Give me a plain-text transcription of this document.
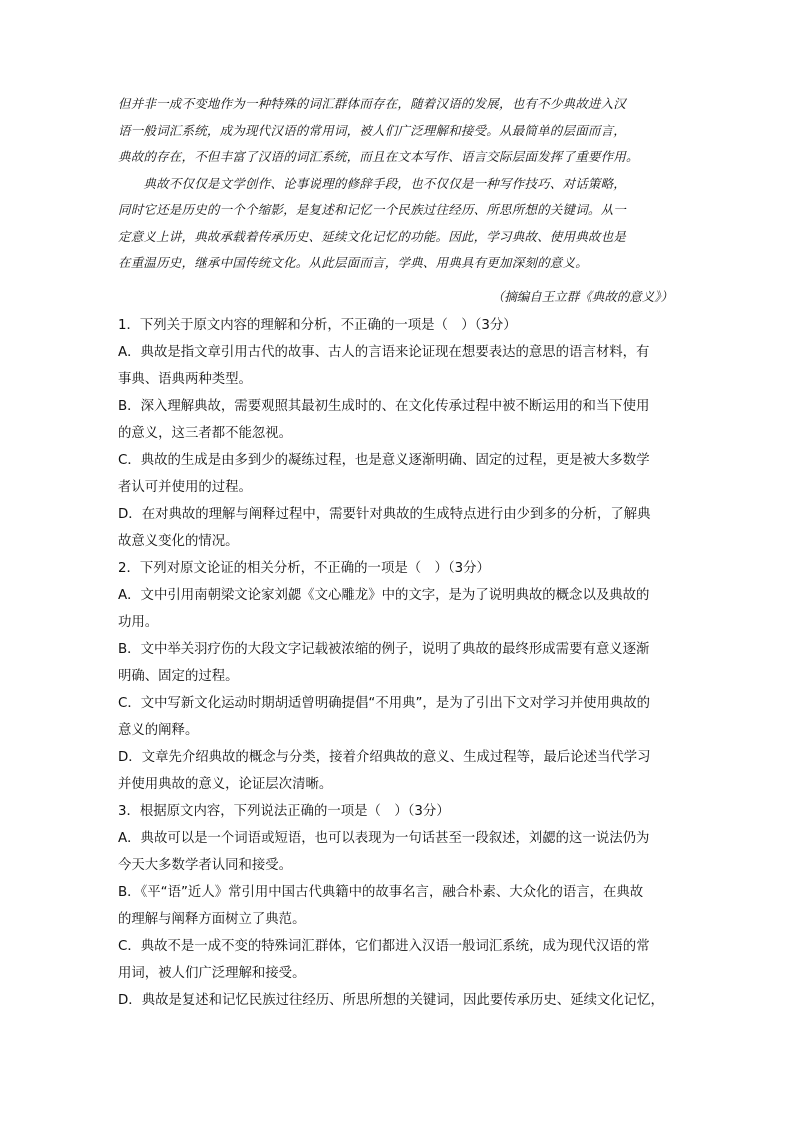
但并非一成不变地作为一种特殊的词汇群体而存在，随着汉语的发展，也有不少典故进入汉
语一般词汇系统，成为现代汉语的常用词，被人们广泛理解和接受。从最简单的层面而言，
典故的存在，不但丰富了汉语的词汇系统，而且在文本写作、语言交际层面发挥了重要作用。
　　典故不仅仅是文学创作、论事说理的修辞手段，也不仅仅是一种写作技巧、对话策略，
同时它还是历史的一个个缩影，是复述和记忆一个民族过往经历、所思所想的关键词。从一
定意义上讲，典故承载着传承历史、延续文化记忆的功能。因此，学习典故、使用典故也是
在重温历史，继承中国传统文化。从此层面而言，学典、用典具有更加深刻的意义。
（摘编自王立群《典故的意义》）
1．下列关于原文内容的理解和分析，不正确的一项是（　）（3分）
A．典故是指文章引用古代的故事、古人的言语来论证现在想要表达的意思的语言材料，有
事典、语典两种类型。
B．深入理解典故，需要观照其最初生成时的、在文化传承过程中被不断运用的和当下使用
的意义，这三者都不能忽视。
C．典故的生成是由多到少的凝练过程，也是意义逐渐明确、固定的过程，更是被大多数学
者认可并使用的过程。
D．在对典故的理解与阐释过程中，需要针对典故的生成特点进行由少到多的分析，了解典
故意义变化的情况。
2．下列对原文论证的相关分析，不正确的一项是（　）（3分）
A．文中引用南朝梁文论家刘勰《文心雕龙》中的文字，是为了说明典故的概念以及典故的
功用。
B．文中举关羽疗伤的大段文字记载被浓缩的例子，说明了典故的最终形成需要有意义逐渐
明确、固定的过程。
C．文中写新文化运动时期胡适曾明确提倡“不用典”，是为了引出下文对学习并使用典故的
意义的阐释。
D．文章先介绍典故的概念与分类，接着介绍典故的意义、生成过程等，最后论述当代学习
并使用典故的意义，论证层次清晰。
3．根据原文内容，下列说法正确的一项是（　）（3分）
A．典故可以是一个词语或短语，也可以表现为一句话甚至一段叙述，刘勰的这一说法仍为
今天大多数学者认同和接受。
B．《平“语”近人》常引用中国古代典籍中的故事名言，融合朴素、大众化的语言，在典故
的理解与阐释方面树立了典范。
C．典故不是一成不变的特殊词汇群体，它们都进入汉语一般词汇系统，成为现代汉语的常
用词，被人们广泛理解和接受。
D．典故是复述和记忆民族过往经历、所思所想的关键词，因此要传承历史、延续文化记忆，
